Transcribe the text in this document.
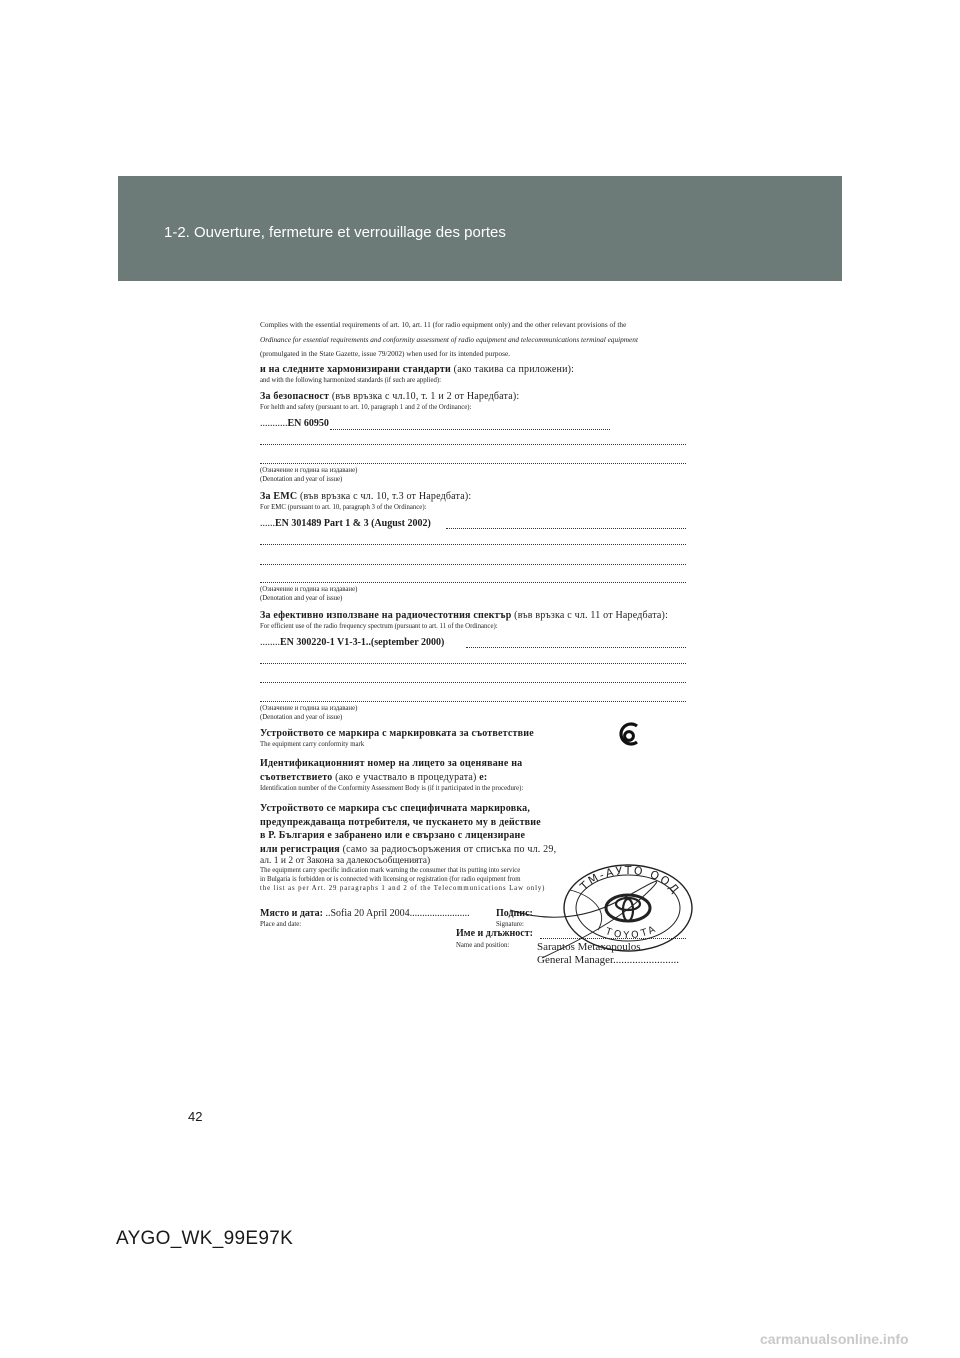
1-2. Ouverture, fermeture et verrouillage des portes
Complies with the essential requirements of art. 10, art. 11 (for radio equipment only) and the other relevant provisions of the
Ordinance for essential requirements and conformity assessment of radio equipment and telecommunications terminal equipment
(promulgated in the State Gazette, issue 79/2002) when used for its intended purpose.
и на следните хармонизирани стандарти (ако такива са приложени):
and with the following harmonized standards (if such are applied):
За безопасност (във връзка с чл.10, т. 1 и 2 от Наредбата):
For helth and safety (pursuant to art. 10, paragraph 1 and 2 of the Ordinance):
...........EN 60950
(Означение и година на издаване)
(Denotation and year of issue)
За ЕМС (във връзка с чл. 10, т.3 от Наредбата):
For EMC (pursuant to art. 10, paragraph 3 of the Ordinance):
......EN 301489 Part 1 & 3 (August 2002)
(Означение и година на издаване)
(Denotation and year of issue)
За ефективно използване на радиочестотния спектър (във връзка с чл. 11 от Наредбата):
For efficient use of the radio frequency spectrum (pursuant to art. 11 of the Ordinance):
........EN 300220-1 V1-3-1..(september 2000)
(Означение и година на издаване)
(Denotation and year of issue)
Устройството се маркира с маркировката за съответствие
The equipment carry conformity mark
Идентификационният номер на лицето за оценяване на
съответствието (ако е участвало в процедурата) е:
Identification number of the Conformity Assessment Body is (if it participated in the procedure):
Устройството се маркира със специфичната маркировка,
предупреждаваща потребителя, че пускането му в действие
в Р. България е забранено или е свързано с лицензиране
или регистрация (само за радиосъоръжения от списъка по чл. 29,
ал. 1 и 2 от Закона за далекосъобщенията)
The equipment carry specific indication mark warning the consumer that its putting into service
in Bulgaria is forbidden or is connected with licensing or registration (for radio equipment from
the list as per Art. 29 paragraphs 1 and 2 of the Telecommunications Law only)
Място и дата: ..Sofia 20 April 2004........................
Place and date:
Подпис:
Signature:
Име и длъжност:
Name and position:	Sarantos Metaxopoulos
General Manager........................
ТМ-АУТО ООД
TOYOTA
42
AYGO_WK_99E97K
carmanualsonline.info
